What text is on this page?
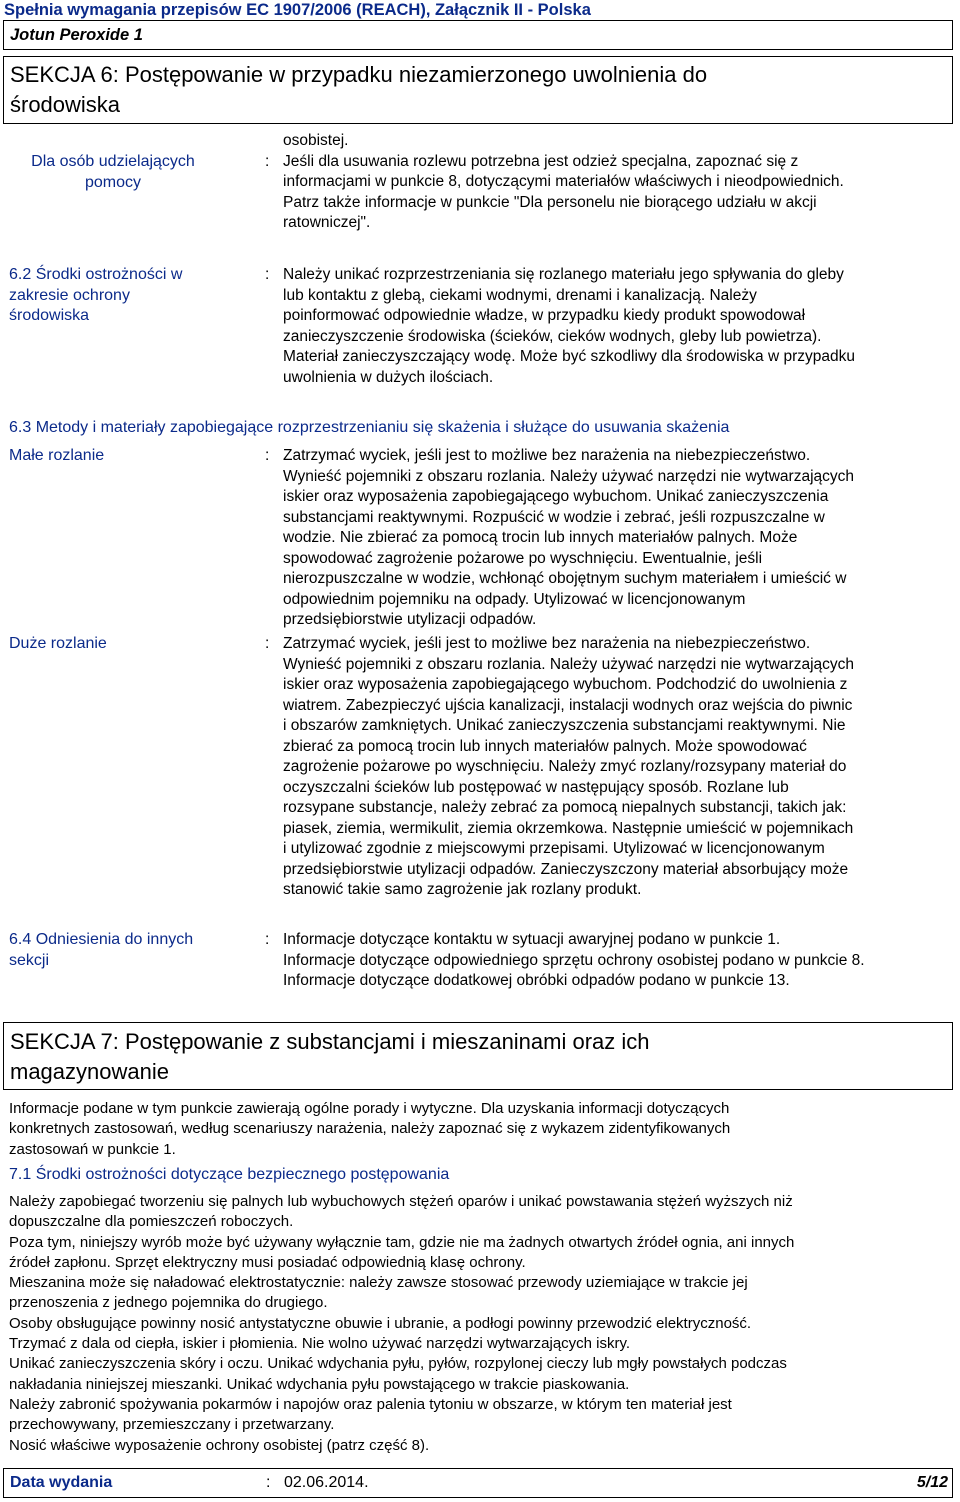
Spełnia wymagania przepisów EC 1907/2006 (REACH), Załącznik II - Polska
Jotun Peroxide 1
SEKCJA 6: Postępowanie w przypadku niezamierzonego uwolnienia do
środowiska
Dla osób udzielających
pomocy
:
osobistej.
Jeśli dla usuwania rozlewu potrzebna jest odzież specjalna, zapoznać się z
informacjami w punkcie 8, dotyczącymi materiałów właściwych i nieodpowiednich.
Patrz także informacje w punkcie "Dla personelu nie biorącego udziału w akcji
ratowniczej".
6.2 Środki ostrożności w
zakresie ochrony
środowiska
: Należy unikać rozprzestrzeniania się rozlanego materiału jego spływania do gleby
lub kontaktu z glebą, ciekami wodnymi, drenami i kanalizacją. Należy
poinformować odpowiednie władze, w przypadku kiedy produkt spowodował
zanieczyszczenie środowiska (ścieków, cieków wodnych, gleby lub powietrza).
Materiał zanieczyszczający wodę. Może być szkodliwy dla środowiska w przypadku
uwolnienia w dużych ilościach.
6.3 Metody i materiały zapobiegające rozprzestrzenianiu się skażenia i służące do usuwania skażenia
Małe rozlanie	: Zatrzymać wyciek, jeśli jest to możliwe bez narażenia na niebezpieczeństwo.
Wynieść pojemniki z obszaru rozlania. Należy używać narzędzi nie wytwarzających
iskier oraz wyposażenia zapobiegającego wybuchom. Unikać zanieczyszczenia
substancjami reaktywnymi. Rozpuścić w wodzie i zebrać, jeśli rozpuszczalne w
wodzie. Nie zbierać za pomocą trocin lub innych materiałów palnych. Może
spowodować zagrożenie pożarowe po wyschnięciu. Ewentualnie, jeśli
nierozpuszczalne w wodzie, wchłonąć obojętnym suchym materiałem i umieścić w
odpowiednim pojemniku na odpady. Utylizować w licencjonowanym
przedsiębiorstwie utylizacji odpadów.
Duże rozlanie	: Zatrzymać wyciek, jeśli jest to możliwe bez narażenia na niebezpieczeństwo.
Wynieść pojemniki z obszaru rozlania. Należy używać narzędzi nie wytwarzających
iskier oraz wyposażenia zapobiegającego wybuchom. Podchodzić do uwolnienia z
wiatrem. Zabezpieczyć ujścia kanalizacji, instalacji wodnych oraz wejścia do piwnic
i obszarów zamkniętych. Unikać zanieczyszczenia substancjami reaktywnymi. Nie
zbierać za pomocą trocin lub innych materiałów palnych. Może spowodować
zagrożenie pożarowe po wyschnięciu. Należy zmyć rozlany/rozsypany materiał do
oczyszczalni ścieków lub postępować w następujący sposób. Rozlane lub
rozsypane substancje, należy zebrać za pomocą niepalnych substancji, takich jak:
piasek, ziemia, wermikulit, ziemia okrzemkowa. Następnie umieścić w pojemnikach
i utylizować zgodnie z miejscowymi przepisami. Utylizować w licencjonowanym
przedsiębiorstwie utylizacji odpadów. Zanieczyszczony materiał absorbujący może
stanowić takie samo zagrożenie jak rozlany produkt.
6.4 Odniesienia do innych
sekcji
: Informacje dotyczące kontaktu w sytuacji awaryjnej podano w punkcie 1.
Informacje dotyczące odpowiedniego sprzętu ochrony osobistej podano w punkcie 8.
Informacje dotyczące dodatkowej obróbki odpadów podano w punkcie 13.
SEKCJA 7: Postępowanie z substancjami i mieszaninami oraz ich
magazynowanie
Informacje podane w tym punkcie zawierają ogólne porady i wytyczne. Dla uzyskania informacji dotyczących
konkretnych zastosowań, według scenariuszy narażenia, należy zapoznać się z wykazem zidentyfikowanych
zastosowań w punkcie 1.
7.1 Środki ostrożności dotyczące bezpiecznego postępowania
Należy zapobiegać tworzeniu się palnych lub wybuchowych stężeń oparów i unikać powstawania stężeń wyższych niż
dopuszczalne dla pomieszczeń roboczych.
Poza tym, niniejszy wyrób może być używany wyłącznie tam, gdzie nie ma żadnych otwartych źródeł ognia, ani innych
źródeł zapłonu. Sprzęt elektryczny musi posiadać odpowiednią klasę ochrony.
Mieszanina może się naładować elektrostatycznie: należy zawsze stosować przewody uziemiające w trakcie jej
przenoszenia z jednego pojemnika do drugiego.
Osoby obsługujące powinny nosić antystatyczne obuwie i ubranie, a podłogi powinny przewodzić elektryczność.
Trzymać z dala od ciepła, iskier i płomienia. Nie wolno używać narzędzi wytwarzających iskry.
Unikać zanieczyszczenia skóry i oczu. Unikać wdychania pyłu, pyłów, rozpylonej cieczy lub mgły powstałych podczas
nakładania niniejszej mieszanki. Unikać wdychania pyłu powstającego w trakcie piaskowania.
Należy zabronić spożywania pokarmów i napojów oraz palenia tytoniu w obszarze, w którym ten materiał jest
przechowywany, przemieszczany i przetwarzany.
Nosić właściwe wyposażenie ochrony osobistej (patrz część 8).
Data wydania	: 02.06.2014.	5/12
